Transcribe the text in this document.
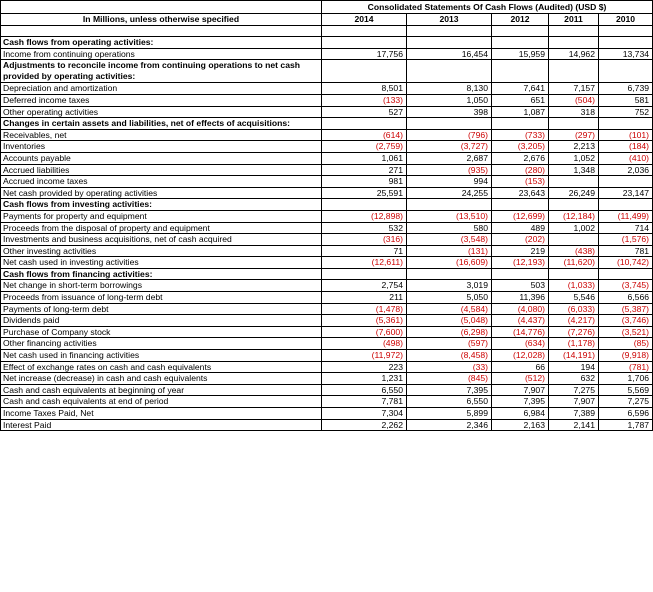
	Consolidated Statements Of Cash Flows (Audited) (USD $)				
In Millions, unless otherwise specified	2014	2013	2012	2011	2010

Cash flows from operating activities:					
Income from continuing operations	17,756	16,454	15,959	14,962	13,734
Adjustments to reconcile income from continuing operations to net cash provided by operating activities:					
Depreciation and amortization	8,501	8,130	7,641	7,157	6,739
Deferred income taxes	(133)	1,050	651	(504)	581
Other operating activities	527	398	1,087	318	752
Changes in certain assets and liabilities, net of effects of acquisitions:					
Receivables, net	(614)	(796)	(733)	(297)	(101)
Inventories	(2,759)	(3,727)	(3,205)	2,213	(184)
Accounts payable	1,061	2,687	2,676	1,052	(410)
Accrued liabilities	271	(935)	(280)	1,348	2,036
Accrued income taxes	981	994	(153)		
Net cash provided by operating activities	25,591	24,255	23,643	26,249	23,147
Cash flows from investing activities:					
Payments for property and equipment	(12,898)	(13,510)	(12,699)	(12,184)	(11,499)
Proceeds from the disposal of property and equipment	532	580	489	1,002	714
Investments and business acquisitions, net of cash acquired	(316)	(3,548)	(202)		(1,576)
Other investing activities	71	(131)	219	(438)	781
Net cash used in investing activities	(12,611)	(16,609)	(12,193)	(11,620)	(10,742)
Cash flows from financing activities:					
Net change in short-term borrowings	2,754	3,019	503	(1,033)	(3,745)
Proceeds from issuance of long-term debt	211	5,050	11,396	5,546	6,566
Payments of long-term debt	(1,478)	(4,584)	(4,080)	(6,033)	(5,387)
Dividends paid	(5,361)	(5,048)	(4,437)	(4,217)	(3,746)
Purchase of Company stock	(7,600)	(6,298)	(14,776)	(7,276)	(3,521)
Other financing activities	(498)	(597)	(634)	(1,178)	(85)
Net cash used in financing activities	(11,972)	(8,458)	(12,028)	(14,191)	(9,918)
Effect of exchange rates on cash and cash equivalents	223	(33)	66	194	(781)
Net increase (decrease) in cash and cash equivalents	1,231	(845)	(512)	632	1,706
Cash and cash equivalents at beginning of year	6,550	7,395	7,907	7,275	5,569
Cash and cash equivalents at end of period	7,781	6,550	7,395	7,907	7,275
Income Taxes Paid, Net	7,304	5,899	6,984	7,389	6,596
Interest Paid	2,262	2,346	2,163	2,141	1,787
